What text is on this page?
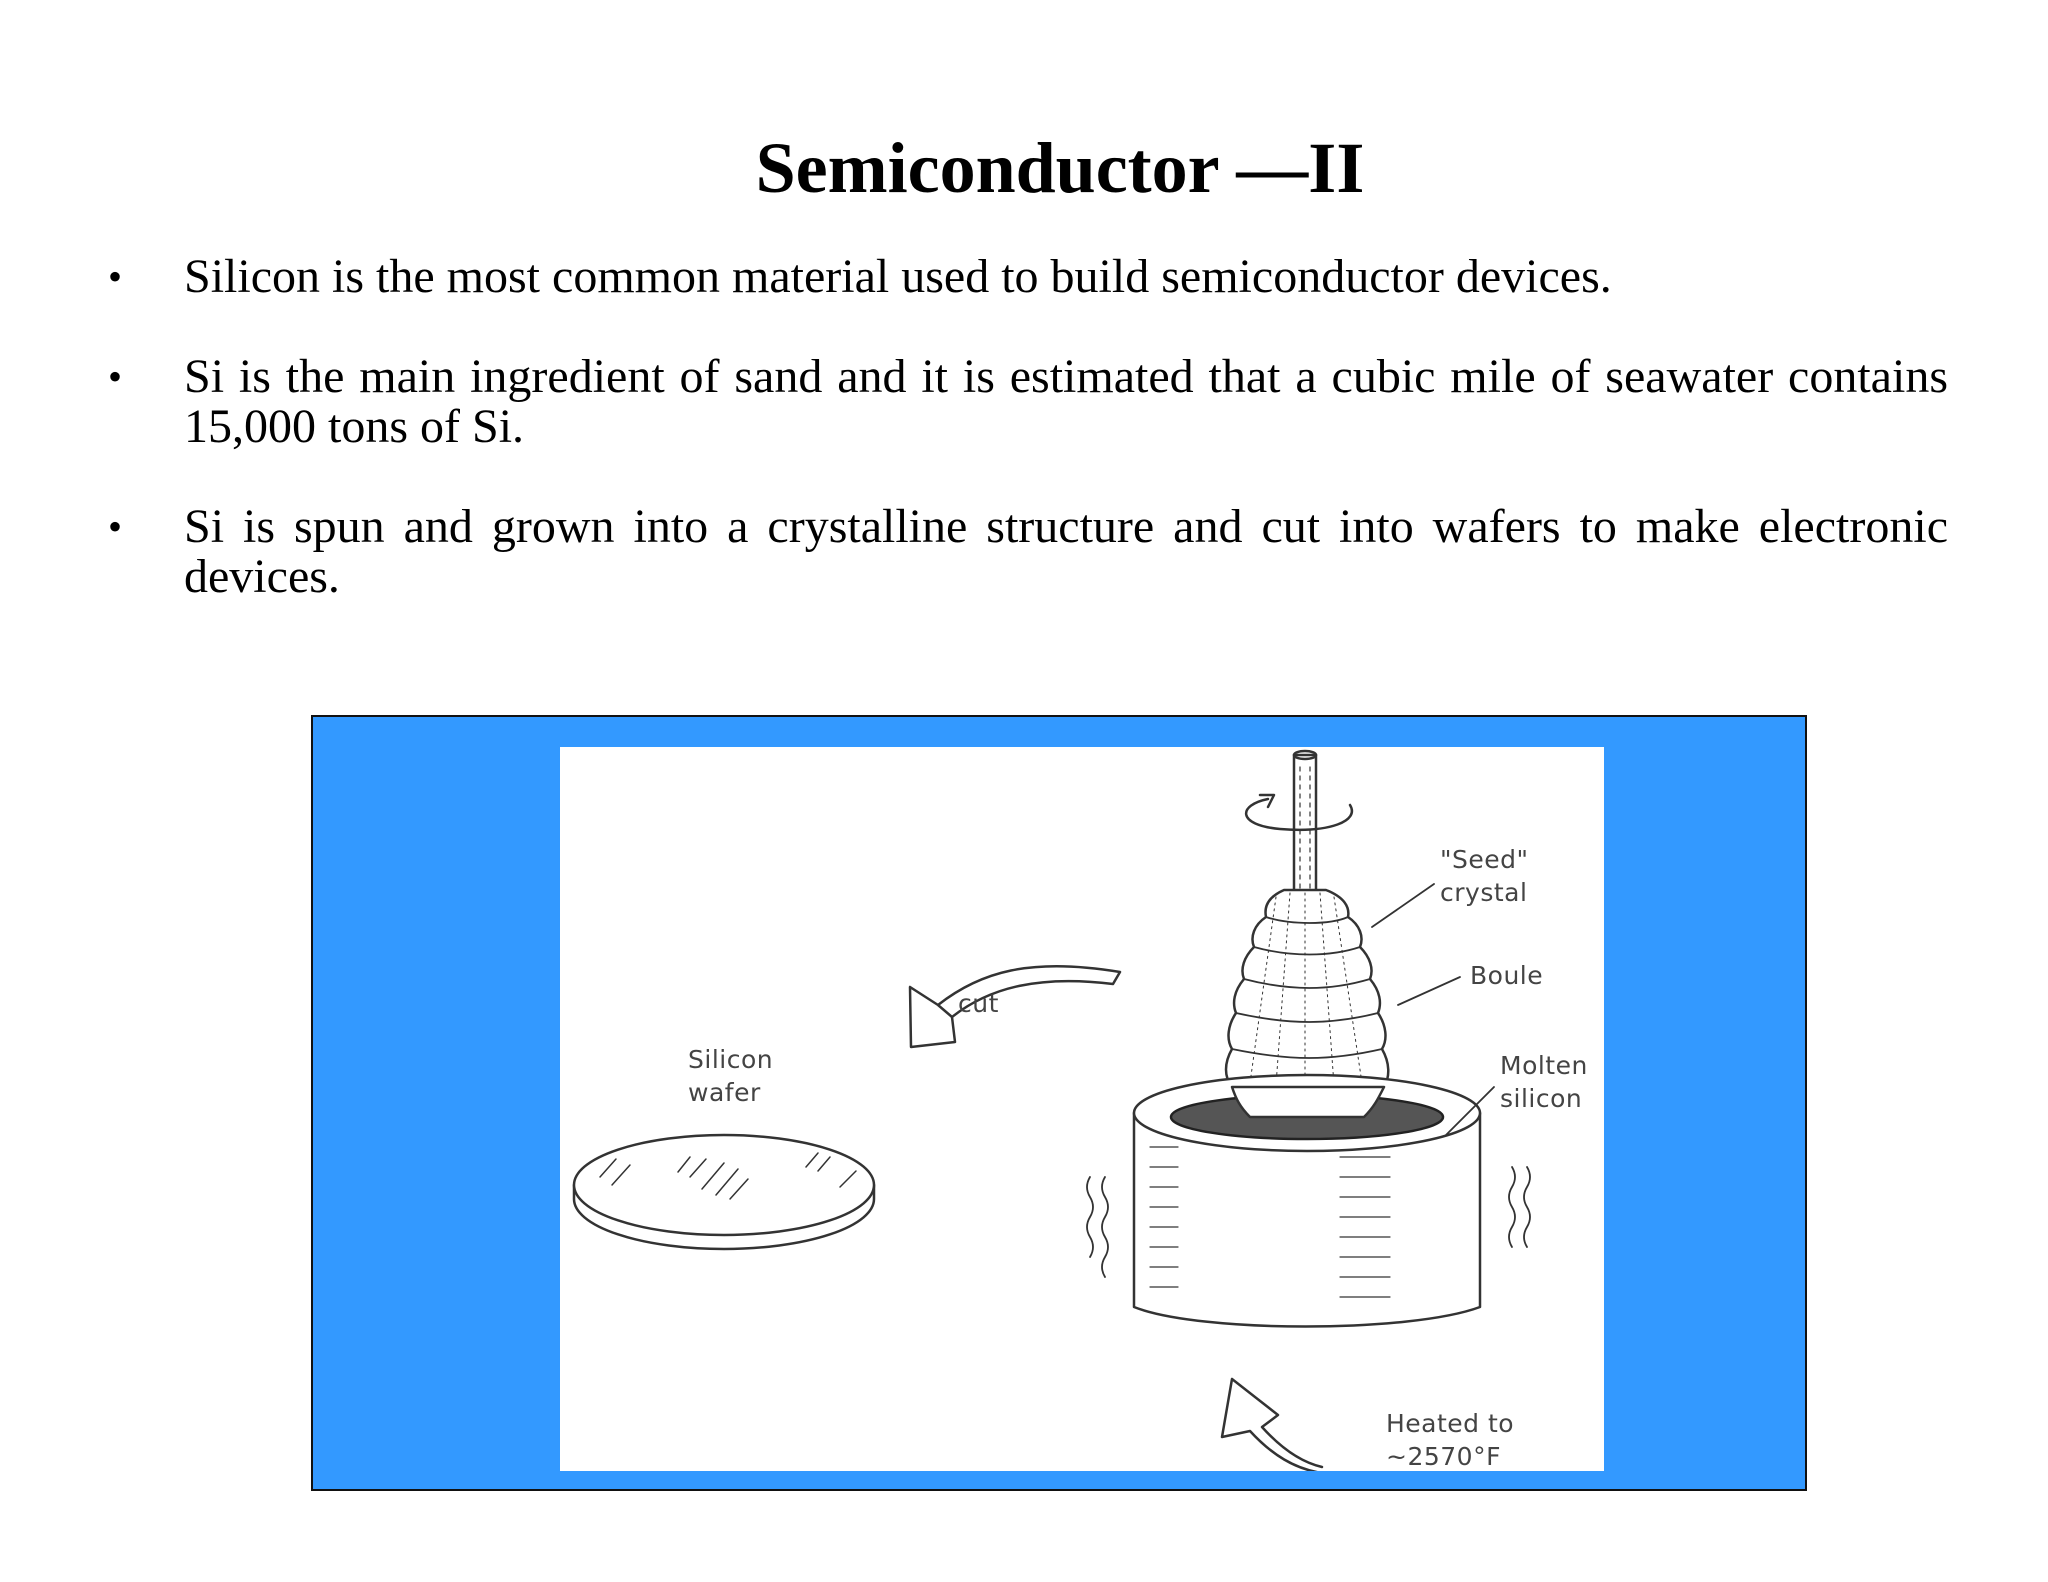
Semiconductor —II
•	Silicon is the most common material used to build semiconductor devices.
•	Si is the main ingredient of sand and it is estimated that a cubic mile of seawater contains 15,000 tons of Si.
•	Si is spun and grown into a crystalline structure and cut into wafers to make electronic devices.
"Seed"
crystal
Boule
Molten
silicon
Silicon
wafer
cut
Heated to
~2570°F
